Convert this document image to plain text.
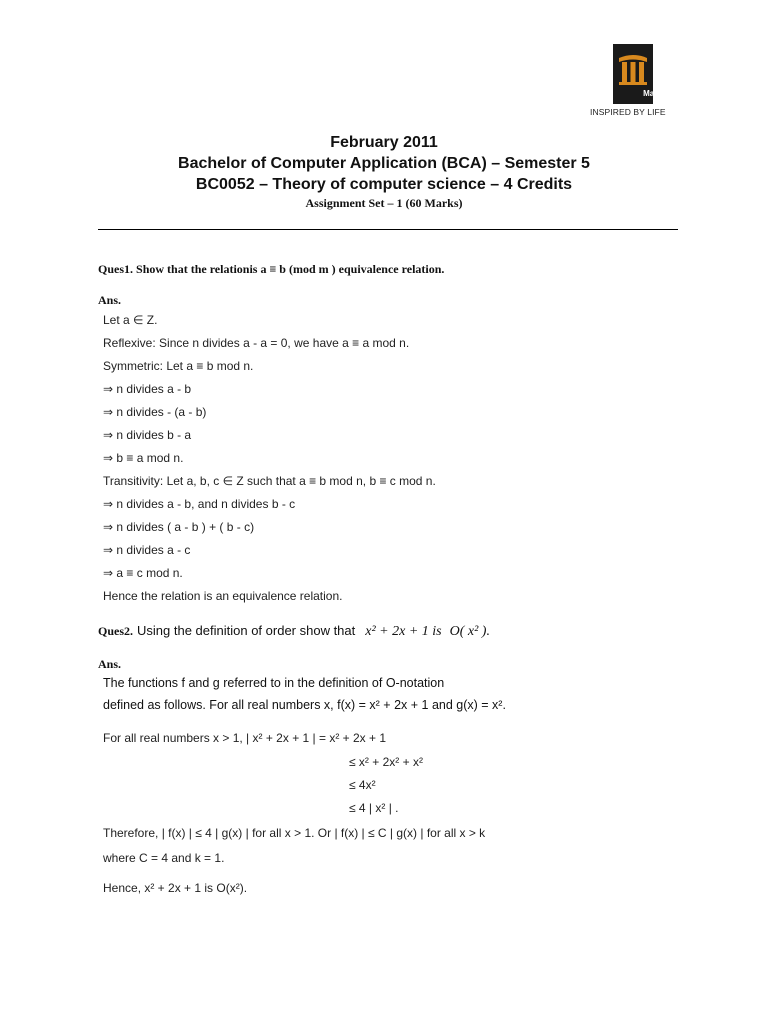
Manipal
INSPIRED BY LIFE
February 2011
Bachelor of Computer Application (BCA) – Semester 5
BC0052 – Theory of computer science – 4 Credits
Assignment Set – 1 (60 Marks)
Ques1. Show that the relationis a ≡ b (mod m ) equivalence relation.
Ans.
Let a ∈ Z.
Reflexive: Since n divides a - a = 0, we have a ≡ a mod n.
Symmetric: Let a ≡ b mod n.
⇒ n divides a - b
⇒ n divides - (a - b)
⇒ n divides b - a
⇒ b ≡ a mod n.
Transitivity: Let a, b, c ∈ Z such that a ≡ b mod n, b ≡ c mod n.
⇒ n divides a - b, and n divides b - c
⇒ n divides ( a - b ) + ( b - c)
⇒ n divides a - c
⇒ a ≡ c mod n.
Hence the relation is an equivalence relation.
Ques2. Using the definition of order show that x² + 2x + 1 is O( x² ).
Ans.
The functions f and g referred to in the definition of O-notation
defined as follows. For all real numbers x, f(x) = x² + 2x + 1 and g(x) = x².
For all real numbers x > 1, | x² + 2x + 1 | = x² + 2x + 1
≤ x² + 2x² + x²
≤ 4x²
≤ 4 | x² | .
Therefore, | f(x) | ≤ 4 | g(x) | for all x > 1. Or | f(x) | ≤ C | g(x) | for all x > k
where C = 4 and k = 1.
Hence, x² + 2x + 1 is O(x²).
